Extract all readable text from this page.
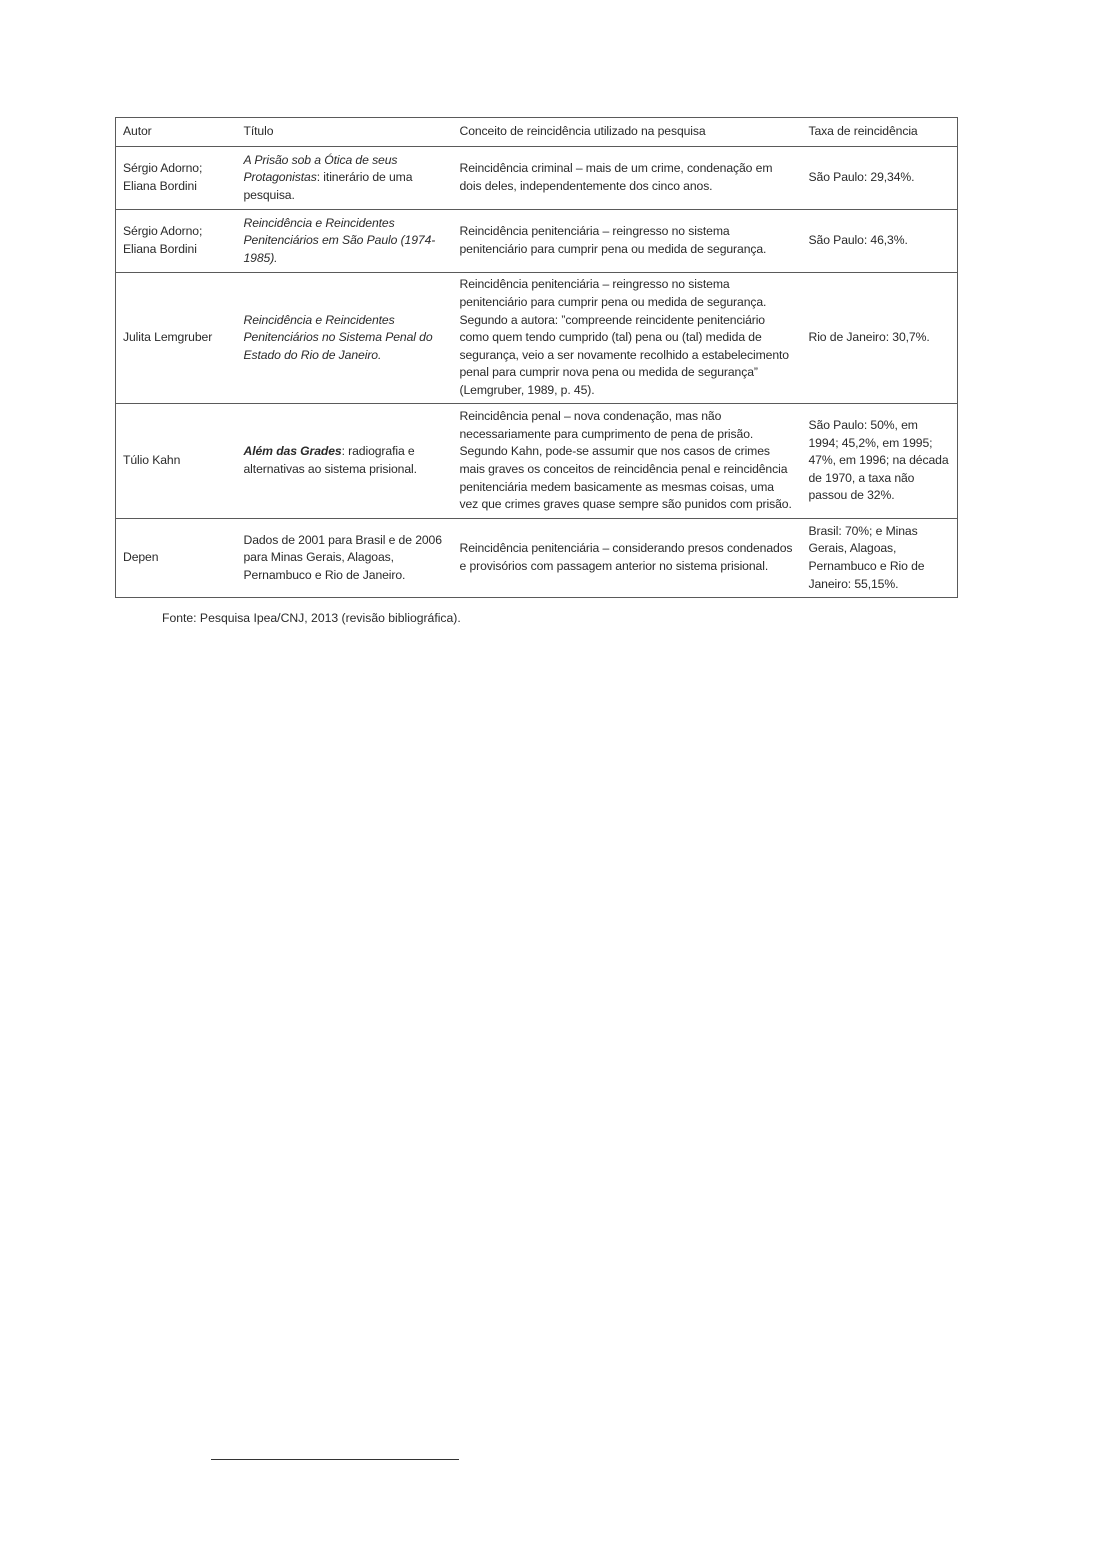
Autor	Título	Conceito de reincidência utilizado na pesquisa	Taxa de reincidência
Sérgio Adorno; Eliana Bordini	A Prisão sob a Ótica de seus Protagonistas: itinerário de uma pesquisa.	Reincidência criminal – mais de um crime, condenação em dois deles, independentemente dos cinco anos.	São Paulo: 29,34%.
Sérgio Adorno; Eliana Bordini	Reincidência e Reincidentes Penitenciários em São Paulo (1974-1985).	Reincidência penitenciária – reingresso no sistema penitenciário para cumprir pena ou medida de segurança.	São Paulo: 46,3%.
Julita Lemgruber	Reincidência e Reincidentes Penitenciários no Sistema Penal do Estado do Rio de Janeiro.	Reincidência penitenciária – reingresso no sistema penitenciário para cumprir pena ou medida de segurança. Segundo a autora: ”compreende reincidente penitenciário como quem tendo cumprido (tal) pena ou (tal) medida de segurança, veio a ser novamente recolhido a estabelecimento penal para cumprir nova pena ou medida de segurança” (Lemgruber, 1989, p. 45).	Rio de Janeiro: 30,7%.
Túlio Kahn	Além das Grades: radiografia e alternativas ao sistema prisional.	Reincidência penal – nova condenação, mas não necessariamente para cumprimento de pena de prisão. Segundo Kahn, pode-se assumir que nos casos de crimes mais graves os conceitos de reincidência penal e reincidência penitenciária medem basicamente as mesmas coisas, uma vez que crimes graves quase sempre são punidos com prisão.	São Paulo: 50%, em 1994; 45,2%, em 1995; 47%, em 1996; na década de 1970, a taxa não passou de 32%.
Depen	Dados de 2001 para Brasil e de 2006 para Minas Gerais, Alagoas, Pernambuco e Rio de Janeiro.	Reincidência penitenciária – considerando presos condenados e provisórios com passagem anterior no sistema prisional.	Brasil: 70%; e Minas Gerais, Alagoas, Pernambuco e Rio de Janeiro: 55,15%.
Fonte: Pesquisa Ipea/CNJ, 2013 (revisão bibliográfica).
